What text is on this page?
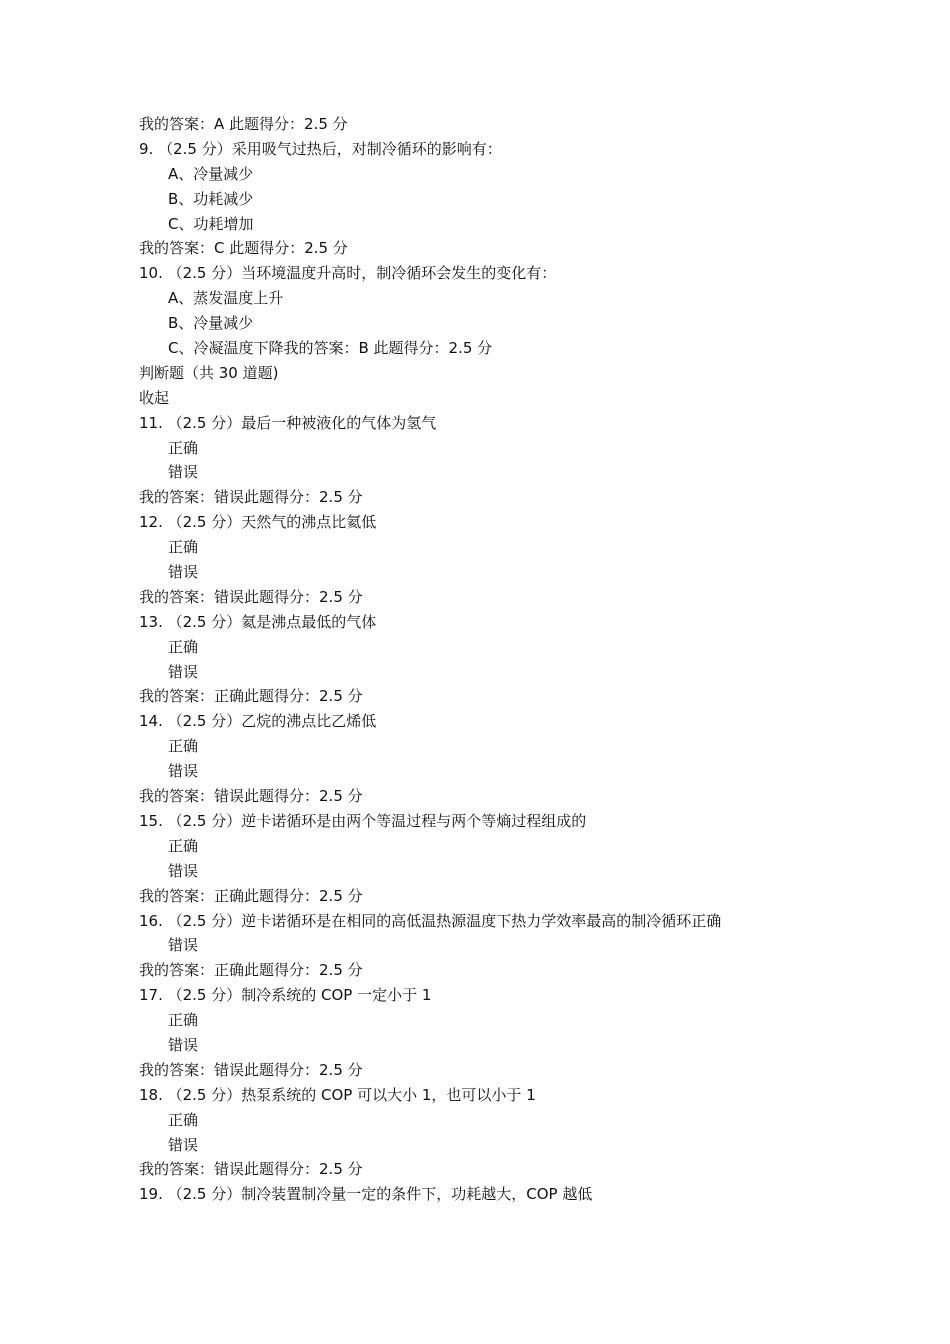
我的答案：A 此题得分：2.5 分
9. （2.5 分）采用吸气过热后，对制冷循环的影响有：
A、冷量减少
B、功耗减少
C、功耗增加
我的答案：C 此题得分：2.5 分
10. （2.5 分）当环境温度升高时，制冷循环会发生的变化有：
A、蒸发温度上升
B、冷量减少
C、冷凝温度下降我的答案：B 此题得分：2.5 分
判断题（共 30 道题)
收起
11. （2.5 分）最后一种被液化的气体为氢气
正确
错误
我的答案：错误此题得分：2.5 分
12. （2.5 分）天然气的沸点比氦低
正确
错误
我的答案：错误此题得分：2.5 分
13. （2.5 分）氦是沸点最低的气体
正确
错误
我的答案：正确此题得分：2.5 分
14. （2.5 分）乙烷的沸点比乙烯低
正确
错误
我的答案：错误此题得分：2.5 分
15. （2.5 分）逆卡诺循环是由两个等温过程与两个等熵过程组成的
正确
错误
我的答案：正确此题得分：2.5 分
16. （2.5 分）逆卡诺循环是在相同的高低温热源温度下热力学效率最高的制冷循环正确
错误
我的答案：正确此题得分：2.5 分
17. （2.5 分）制冷系统的 COP 一定小于 1
正确
错误
我的答案：错误此题得分：2.5 分
18. （2.5 分）热泵系统的 COP 可以大小 1，也可以小于 1
正确
错误
我的答案：错误此题得分：2.5 分
19. （2.5 分）制冷装置制冷量一定的条件下，功耗越大，COP 越低
